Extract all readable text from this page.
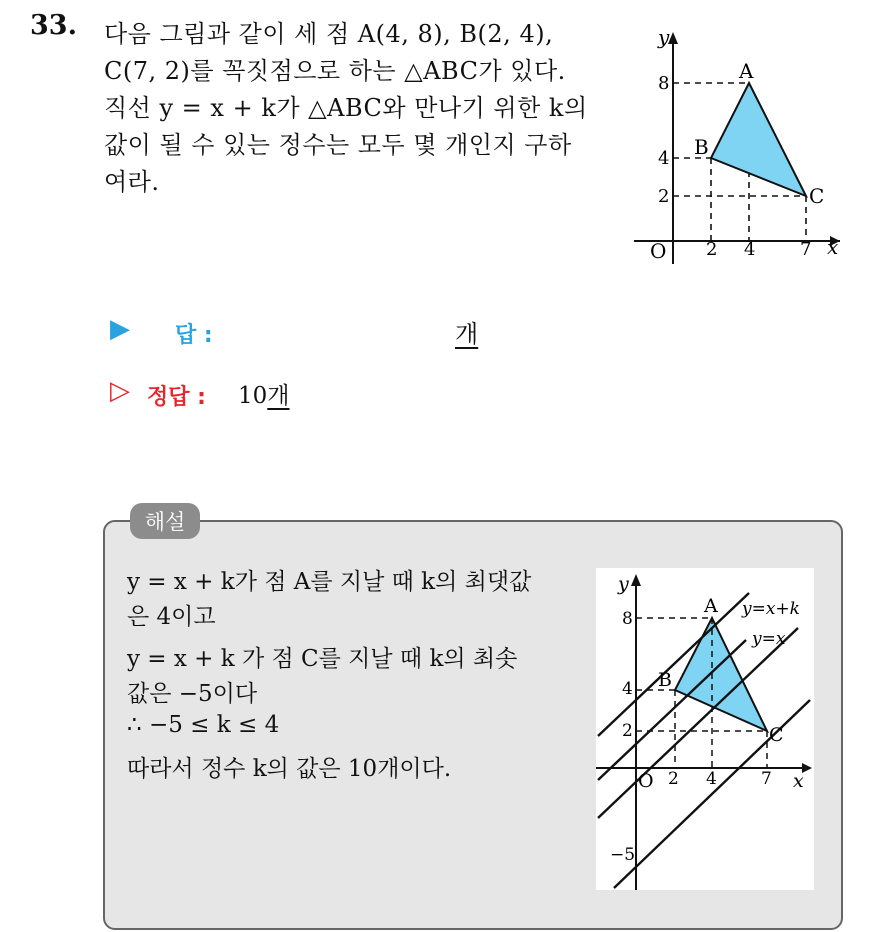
33. 다음 그림과 같이 세 점 A(4, 8), B(2, 4),
C(7, 2)를 꼭짓점으로 하는 △ABC가 있다.
직선 y = x + k가 △ABC와 만나기 위한 k의
값이 될 수 있는 정수는 모두 몇 개인지 구하
여라.
y
x
O 2 4 7
2
4
8
A
B
C
▶ 답 :	개
▷ 정답 : 10개
해설
y = x + k가 점 A를 지날 때 k의 최댓값
은 4이고
y = x + k 가 점 C를 지날 때 k의 최솟
값은 −5이다
∴ −5 ≤ k ≤ 4
따라서 정수 k의 값은 10개이다.
y
x
O 2 4	7
2
4
8
−5
A
B
C
y=x+k
y=x
